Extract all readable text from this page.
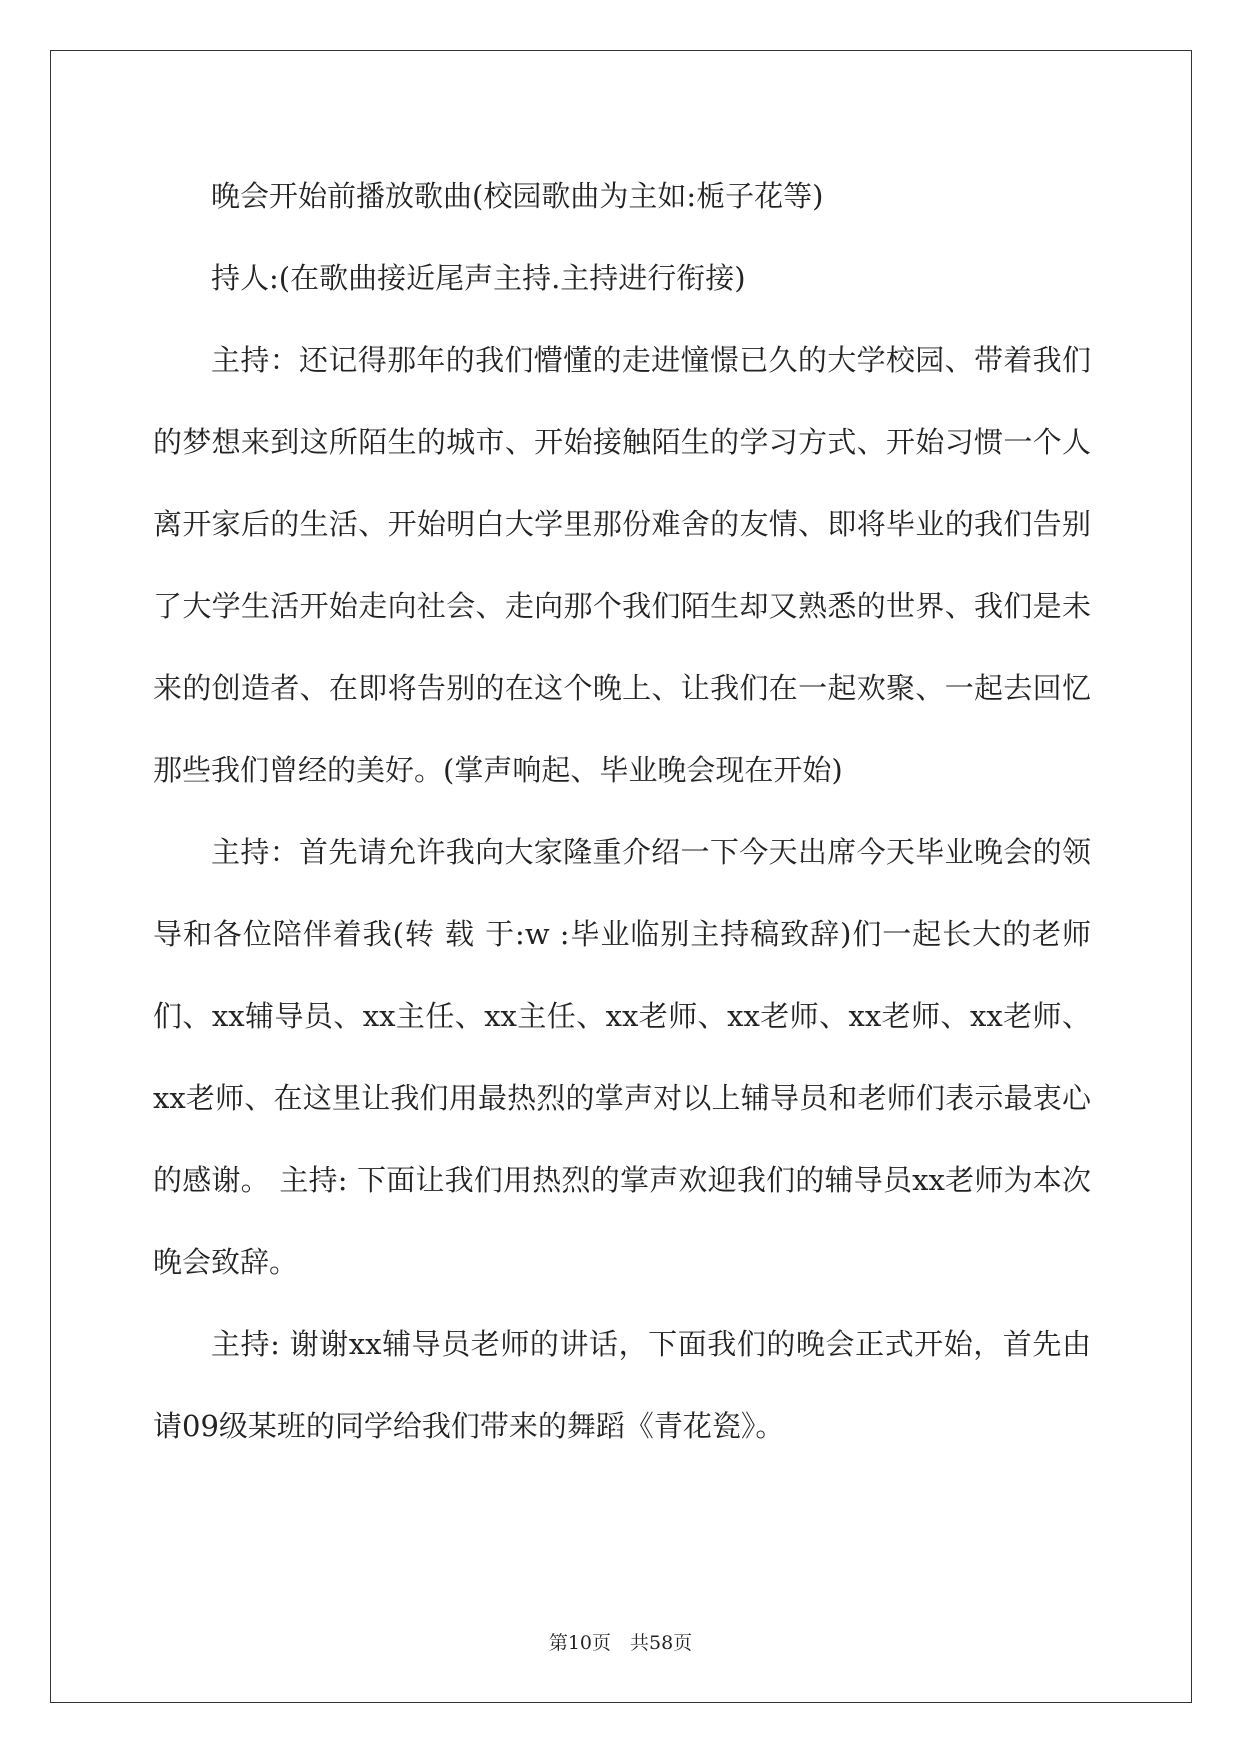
晚会开始前播放歌曲(校园歌曲为主如:栀子花等)

持人:(在歌曲接近尾声主持.主持进行衔接)

主持：还记得那年的我们懵懂的走进憧憬已久的大学校园、带着我们的梦想来到这所陌生的城市、开始接触陌生的学习方式、开始习惯一个人离开家后的生活、开始明白大学里那份难舍的友情、即将毕业的我们告别了大学生活开始走向社会、走向那个我们陌生却又熟悉的世界、我们是未来的创造者、在即将告别的在这个晚上、让我们在一起欢聚、一起去回忆那些我们曾经的美好。(掌声响起、毕业晚会现在开始)

主持：首先请允许我向大家隆重介绍一下今天出席今天毕业晚会的领导和各位陪伴着我(转 载 于:w :毕业临别主持稿致辞)们一起长大的老师们、xx辅导员、xx主任、xx主任、xx老师、xx老师、xx老师、xx老师、xx老师、在这里让我们用最热烈的掌声对以上辅导员和老师们表示最衷心的感谢。 主持: 下面让我们用热烈的掌声欢迎我们的辅导员xx老师为本次晚会致辞。

主持: 谢谢xx辅导员老师的讲话，下面我们的晚会正式开始，首先由请09级某班的同学给我们带来的舞蹈《青花瓷》。

第10页　共58页
